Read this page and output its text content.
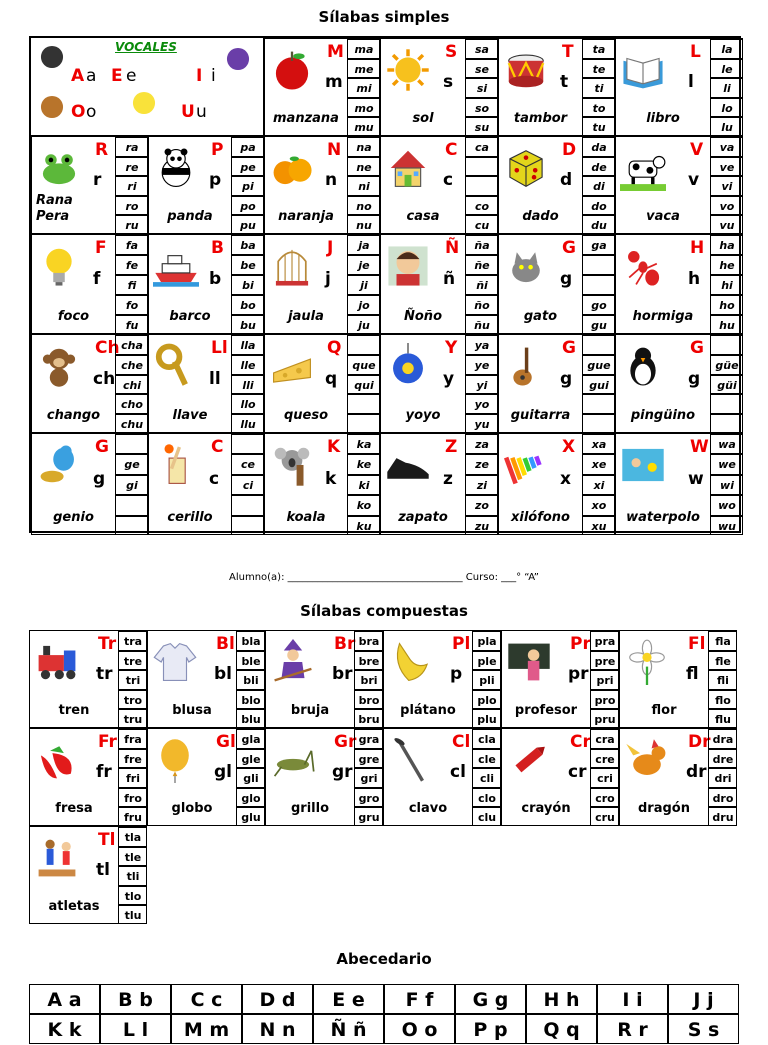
Sílabas simples
VOCALES
A a E e	I i
O o	U u
M
m
manzana
ma
me
mi
mo
mu
S
s
sol
sa
se
si
so
su
T
t
tambor
ta
te
ti
to
tu
L
l
libro
la
le
li
lo
lu
R
r
Rana Pera
ra
re
ri
ro
ru
P
p
panda
pa
pe
pi
po
pu
N
n
naranja
na
ne
ni
no
nu
C
c
casa
ca
co
cu
D
d
dado
da
de
di
do
du
V
v
vaca
va
ve
vi
vo
vu
F
f
foco
fa
fe
fi
fo
fu
B
b
barco
ba
be
bi
bo
bu
J
j
jaula
ja
je
ji
jo
ju
Ñ
ñ
Ñoño
ña
ñe
ñi
ño
ñu
G
g
gato
ga
go
gu
H
h
hormiga
ha
he
hi
ho
hu
Ch
ch
chango
cha
che
chi
cho
chu
Ll
ll
llave
lla
lle
lli
llo
llu
Q
q
queso
que
qui
Y
y
yoyo
ya
ye
yi
yo
yu
G
g
guitarra
gue
gui
G
g
pingüino
güe
güi
G
g
genio
ge
gi
C
c
cerillo
ce
ci
K
k
koala
ka
ke
ki
ko
ku
Z
z
zapato
za
ze
zi
zo
zu
X
x
xilófono
xa
xe
xi
xo
xu
W
w
waterpolo
wa
we
wi
wo
wu
Alumno(a): ___________________________________ Curso: ___° “A”
Sílabas compuestas
Tr
tr
tren
tra
tre
tri
tro
tru
Bl
bl
blusa
bla
ble
bli
blo
blu
Br
br
bruja
bra
bre
bri
bro
bru
Pl
p
plátano
pla
ple
pli
plo
plu
Pr
pr
profesor
pra
pre
pri
pro
pru
Fl
fl
flor
fla
fle
fli
flo
flu
Fr
fr
fresa
fra
fre
fri
fro
fru
Gl
gl
globo
gla
gle
gli
glo
glu
Gr
gr
grillo
gra
gre
gri
gro
gru
Cl
cl
clavo
cla
cle
cli
clo
clu
Cr
cr
crayón
cra
cre
cri
cro
cru
Dr
dr
dragón
dra
dre
dri
dro
dru
Tl
tl
atletas
tla
tle
tli
tlo
tlu
Abecedario
A a	B b	C c	D d	E e	F f	G g	H h	I i	J j
K k	L l	M m	N n	Ñ ñ	O o	P p	Q q	R r	S s
